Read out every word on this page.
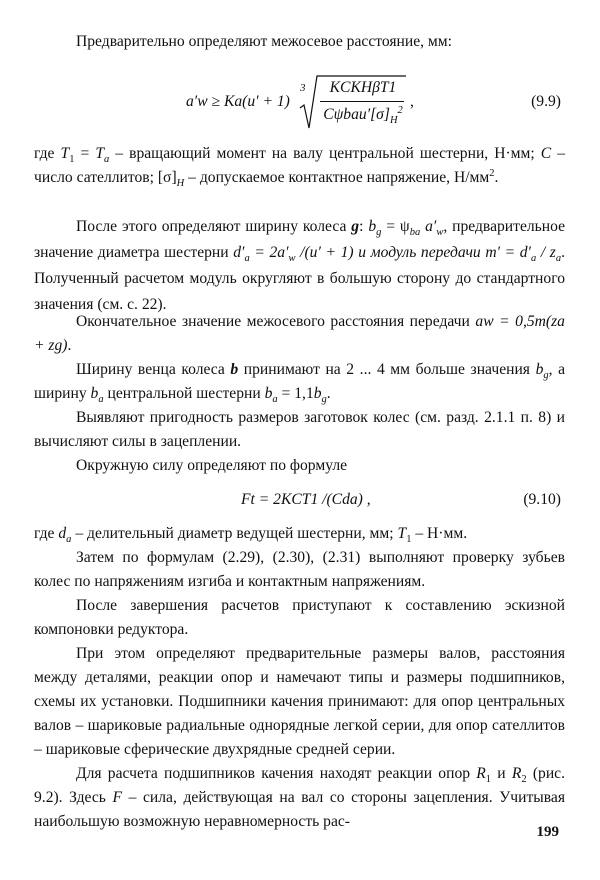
Предварительно определяют межосевое расстояние, мм:
a′w ≥ Ka(u′ + 1)
3	KCKHβT1
$C\psi bau'[\sigma]_H^2$
,	(9.9)
где $T_1 = T_a$ – вращающий момент на валу центральной шестерни, Н·мм; C – число сателлитов; $[\sigma]_H$ – допускаемое контактное напряжение, $Н/мм^2$.
После этого определяют ширину колеса g: $b_g = \psi_{ba}$ $a'_w$, предварительное значение диаметра шестерни $d'_a = 2a'_w$ /(u′ + 1) и модуль передачи $m' = d'_a / z_a$. Полученный расчетом модуль округляют в большую сторону до стандартного значения (см. с. 22).
Окончательное значение межосевого расстояния передачи aw = 0,5m(za + zg).
Ширину венца колеса b принимают на 2 ... 4 мм больше значения $b_g$, а ширину $b_a$ центральной шестерни $b_a = 1,1b_g$.
Выявляют пригодность размеров заготовок колес (см. разд. 2.1.1 п. 8) и вычисляют силы в зацеплении.
Окружную силу определяют по формуле
Ft = 2KCT1 /(Cda) ,	(9.10)
где $d_a$ – делительный диаметр ведущей шестерни, мм; $T_1 - Н\cdot мм$.
Затем по формулам (2.29), (2.30), (2.31) выполняют проверку зубьев колес по напряжениям изгиба и контактным напряжениям.
После завершения расчетов приступают к составлению эскизной компоновки редуктора.
При этом определяют предварительные размеры валов, расстояния между деталями, реакции опор и намечают типы и размеры подшипников, схемы их установки. Подшипники качения принимают: для опор центральных валов – шариковые радиальные однорядные легкой серии, для опор сателлитов – шариковые сферические двухрядные средней серии.
Для расчета подшипников качения находят реакции опор $R_1$ и $R_2$ (рис. 9.2). Здесь F – сила, действующая на вал со стороны зацепления. Учитывая наибольшую возможную неравномерность рас-
199
